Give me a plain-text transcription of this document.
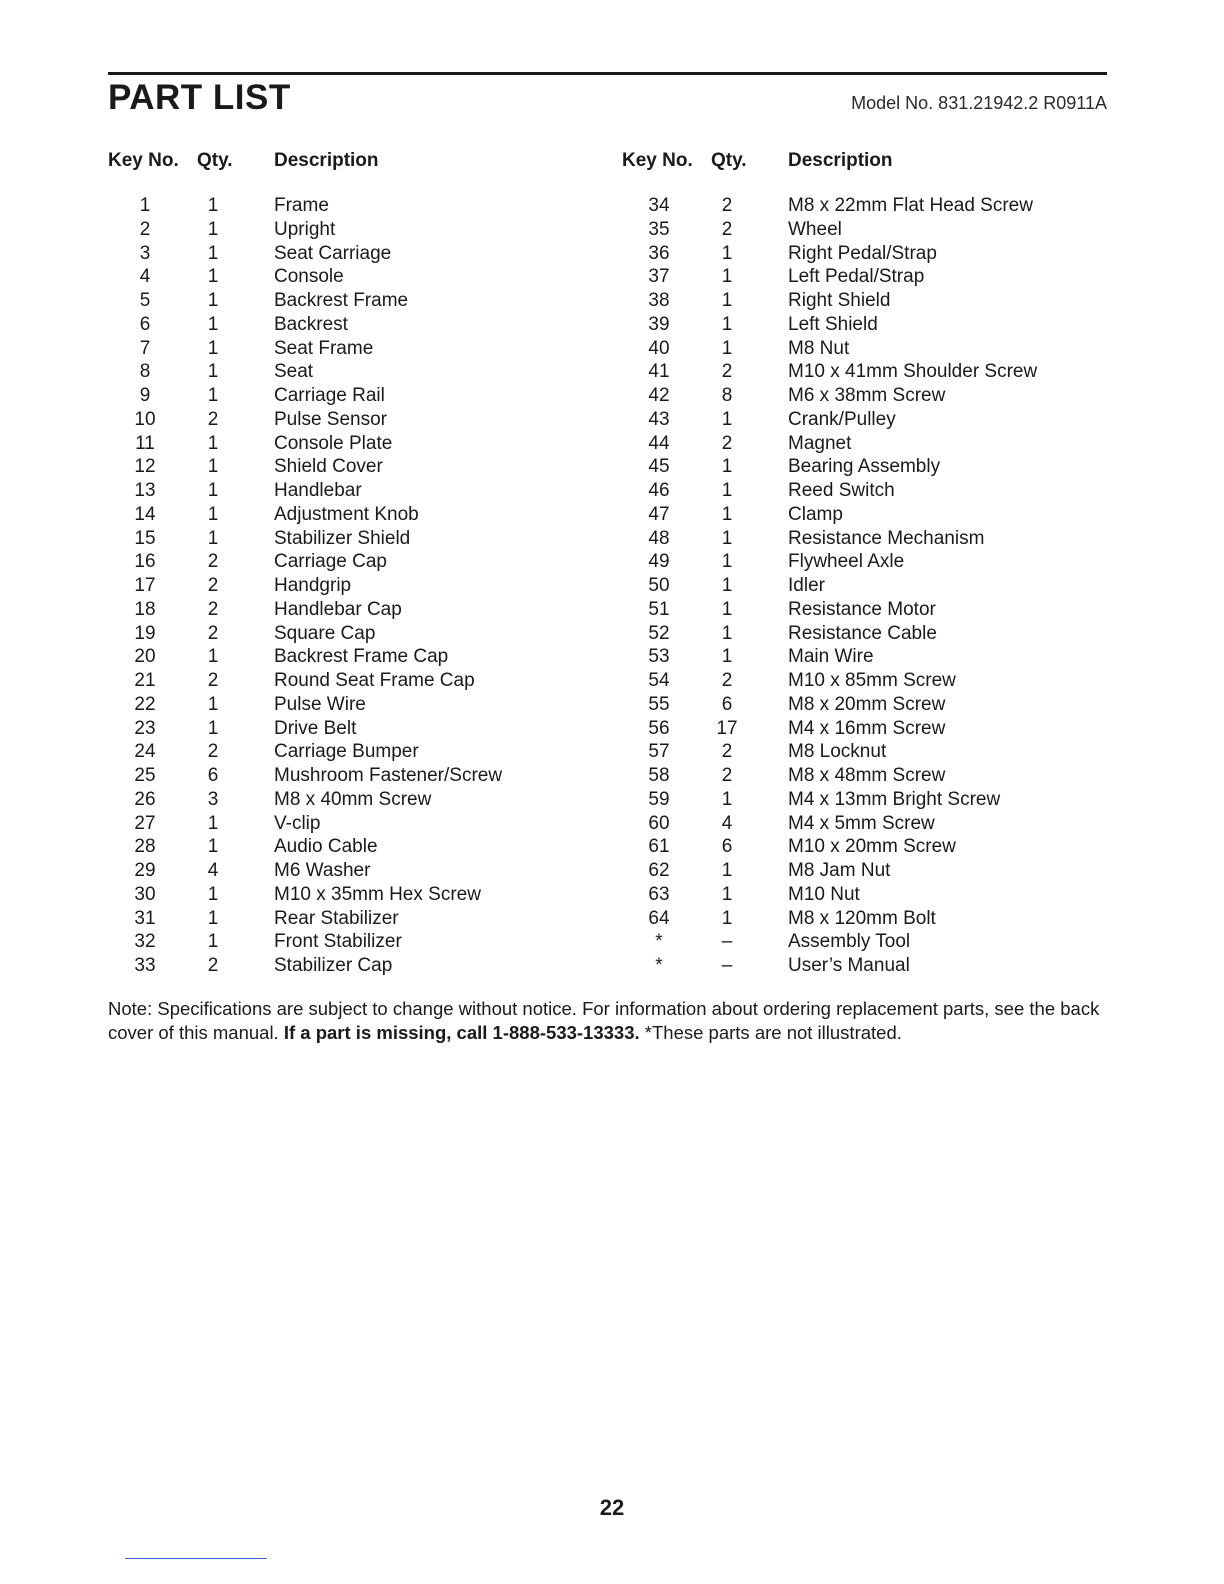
PART LIST	Model No. 831.21942.2 R0911A
Key No. Qty. Description
1	1	Frame
2	1	Upright
3	1	Seat Carriage
4	1	Console
5	1	Backrest Frame
6	1	Backrest
7	1	Seat Frame
8	1	Seat
9	1	Carriage Rail
10	2	Pulse Sensor
11	1	Console Plate
12	1	Shield Cover
13	1	Handlebar
14	1	Adjustment Knob
15	1	Stabilizer Shield
16	2	Carriage Cap
17	2	Handgrip
18	2	Handlebar Cap
19	2	Square Cap
20	1	Backrest Frame Cap
21	2	Round Seat Frame Cap
22	1	Pulse Wire
23	1	Drive Belt
24	2	Carriage Bumper
25	6	Mushroom Fastener/Screw
26	3	M8 x 40mm Screw
27	1	V-clip
28	1	Audio Cable
29	4	M6 Washer
30	1	M10 x 35mm Hex Screw
31	1	Rear Stabilizer
32	1	Front Stabilizer
33	2	Stabilizer Cap
Key No. Qty. Description
34	2	M8 x 22mm Flat Head Screw
35	2	Wheel
36	1	Right Pedal/Strap
37	1	Left Pedal/Strap
38	1	Right Shield
39	1	Left Shield
40	1	M8 Nut
41	2	M10 x 41mm Shoulder Screw
42	8	M6 x 38mm Screw
43	1	Crank/Pulley
44	2	Magnet
45	1	Bearing Assembly
46	1	Reed Switch
47	1	Clamp
48	1	Resistance Mechanism
49	1	Flywheel Axle
50	1	Idler
51	1	Resistance Motor
52	1	Resistance Cable
53	1	Main Wire
54	2	M10 x 85mm Screw
55	6	M8 x 20mm Screw
56	17	M4 x 16mm Screw
57	2	M8 Locknut
58	2	M8 x 48mm Screw
59	1	M4 x 13mm Bright Screw
60	4	M4 x 5mm Screw
61	6	M10 x 20mm Screw
62	1	M8 Jam Nut
63	1	M10 Nut
64	1	M8 x 120mm Bolt
*	–	Assembly Tool
*	–	User’s Manual

Note: Specifications are subject to change without notice. For information about ordering replacement parts, see the back cover of this manual. If a part is missing, call 1-888-533-13333. *These parts are not illustrated.

22
